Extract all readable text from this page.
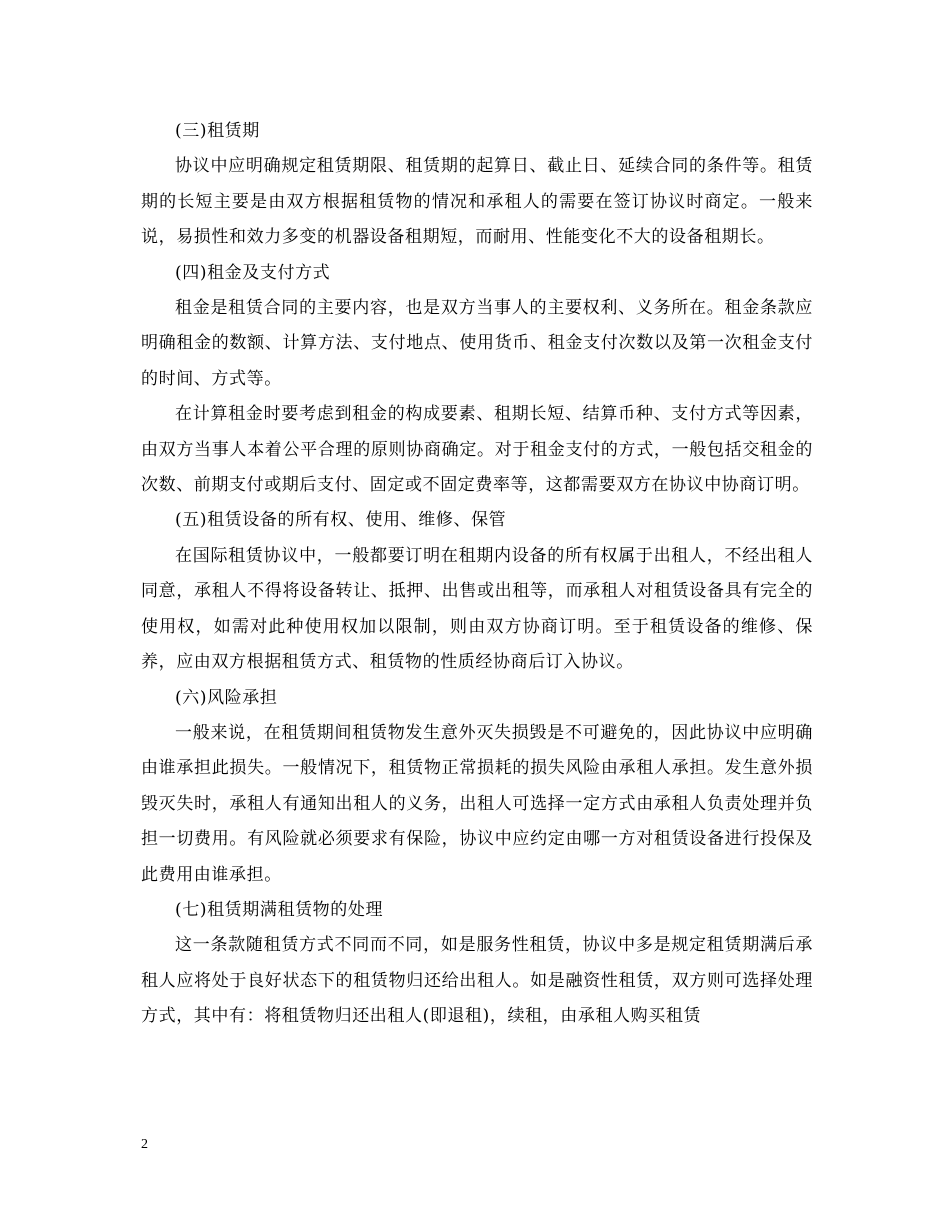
(三)租赁期

协议中应明确规定租赁期限、租赁期的起算日、截止日、延续合同的条件等。租赁期的长短主要是由双方根据租赁物的情况和承租人的需要在签订协议时商定。一般来说，易损性和效力多变的机器设备租期短，而耐用、性能变化不大的设备租期长。

(四)租金及支付方式

租金是租赁合同的主要内容，也是双方当事人的主要权利、义务所在。租金条款应明确租金的数额、计算方法、支付地点、使用货币、租金支付次数以及第一次租金支付的时间、方式等。

在计算租金时要考虑到租金的构成要素、租期长短、结算币种、支付方式等因素，由双方当事人本着公平合理的原则协商确定。对于租金支付的方式，一般包括交租金的次数、前期支付或期后支付、固定或不固定费率等，这都需要双方在协议中协商订明。

(五)租赁设备的所有权、使用、维修、保管

在国际租赁协议中，一般都要订明在租期内设备的所有权属于出租人，不经出租人同意，承租人不得将设备转让、抵押、出售或出租等，而承租人对租赁设备具有完全的使用权，如需对此种使用权加以限制，则由双方协商订明。至于租赁设备的维修、保养，应由双方根据租赁方式、租赁物的性质经协商后订入协议。

(六)风险承担

一般来说，在租赁期间租赁物发生意外灭失损毁是不可避免的，因此协议中应明确由谁承担此损失。一般情况下，租赁物正常损耗的损失风险由承租人承担。发生意外损毁灭失时，承租人有通知出租人的义务，出租人可选择一定方式由承租人负责处理并负担一切费用。有风险就必须要求有保险，协议中应约定由哪一方对租赁设备进行投保及此费用由谁承担。

(七)租赁期满租赁物的处理

这一条款随租赁方式不同而不同，如是服务性租赁，协议中多是规定租赁期满后承租人应将处于良好状态下的租赁物归还给出租人。如是融资性租赁，双方则可选择处理方式，其中有：将租赁物归还出租人(即退租)，续租，由承租人购买租赁

2
